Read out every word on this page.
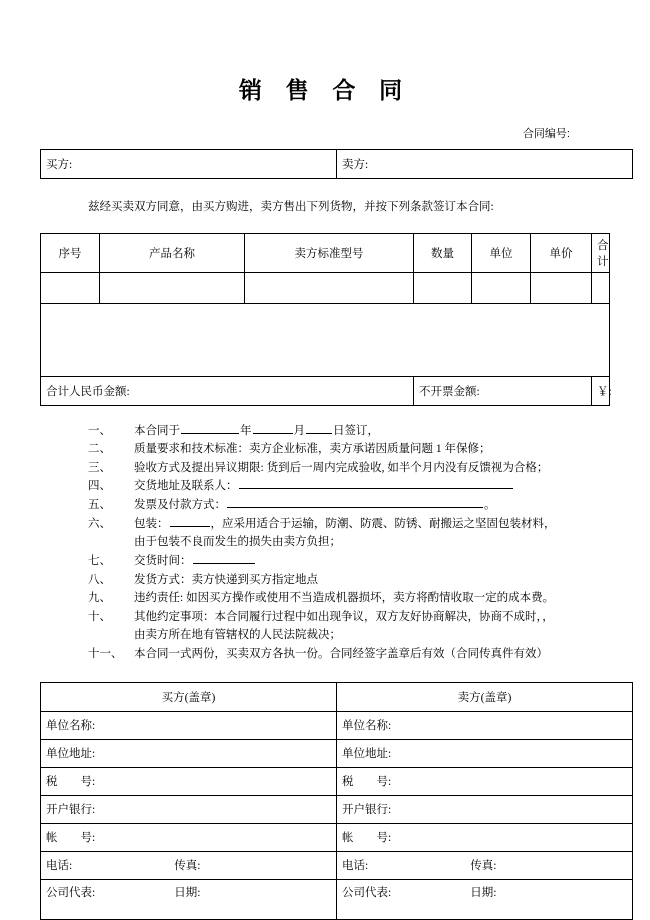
销 售 合 同
合同编号:
买方:	卖方:
兹经买卖双方同意，由买方购进，卖方售出下列货物，并按下列条款签订本合同:
序号	产品名称	卖方标准型号	数量	单位	单价	合计

合计人民币金额:			不开票金额:			￥:
一、	本合同于	年	月 日签订，
二、	质量要求和技术标准：卖方企业标准，卖方承诺因质量问题 1 年保修；
三、	验收方式及提出异议期限: 货到后一周内完成验收, 如半个月内没有反馈视为合格；
四、	交货地址及联系人：
五、	发票及付款方式：	。
六、	包装：	，应采用适合于运输，防潮、防震、防锈、耐搬运之坚固包装材料，
由于包装不良而发生的损失由卖方负担；
七、	交货时间：
八、	发货方式：卖方快递到买方指定地点
九、	违约责任: 如因买方操作或使用不当造成机器损坏，卖方将酌情收取一定的成本费。
十、	其他约定事项：本合同履行过程中如出现争议，双方友好协商解决，协商不成时，，
由卖方所在地有管辖权的人民法院裁决；
十一、	本合同一式两份，买卖双方各执一份。合同经签字盖章后有效（合同传真件有效）
买方(盖章)	卖方(盖章)
单位名称:	单位名称:
单位地址:	单位地址:
税　　号:	税　　号:
开户银行:	开户银行:
帐　　号:	帐　　号:

电话: 传真:	电话: 传真:

公司代表: 日期:	公司代表: 日期:
